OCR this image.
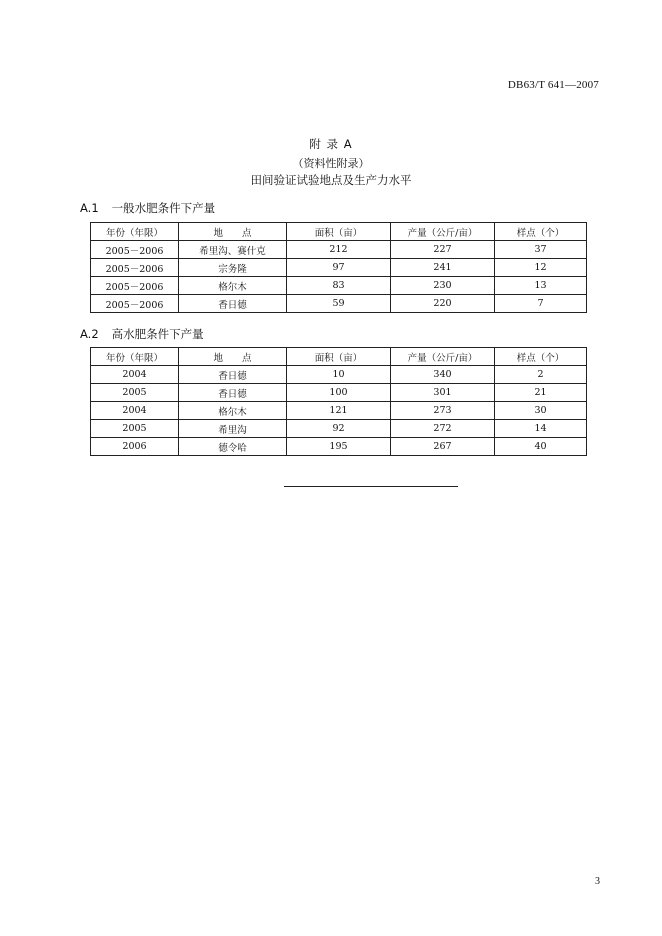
DB63/T 641—2007
附 录 A
（资料性附录）
田间验证试验地点及生产力水平
A.1 一般水肥条件下产量
年份（年限）	地　　点	面积（亩）	产量（公斤/亩）	样点（个）
2005－2006	希里沟、赛什克	212	227	37
2005－2006	宗务隆	97	241	12
2005－2006	格尔木	83	230	13
2005－2006	香日德	59	220	7
A.2 高水肥条件下产量
年份（年限）	地　　点	面积（亩）	产量（公斤/亩）	样点（个）
2004	香日德	10	340	2
2005	香日德	100	301	21
2004	格尔木	121	273	30
2005	希里沟	92	272	14
2006	德令哈	195	267	40
3
